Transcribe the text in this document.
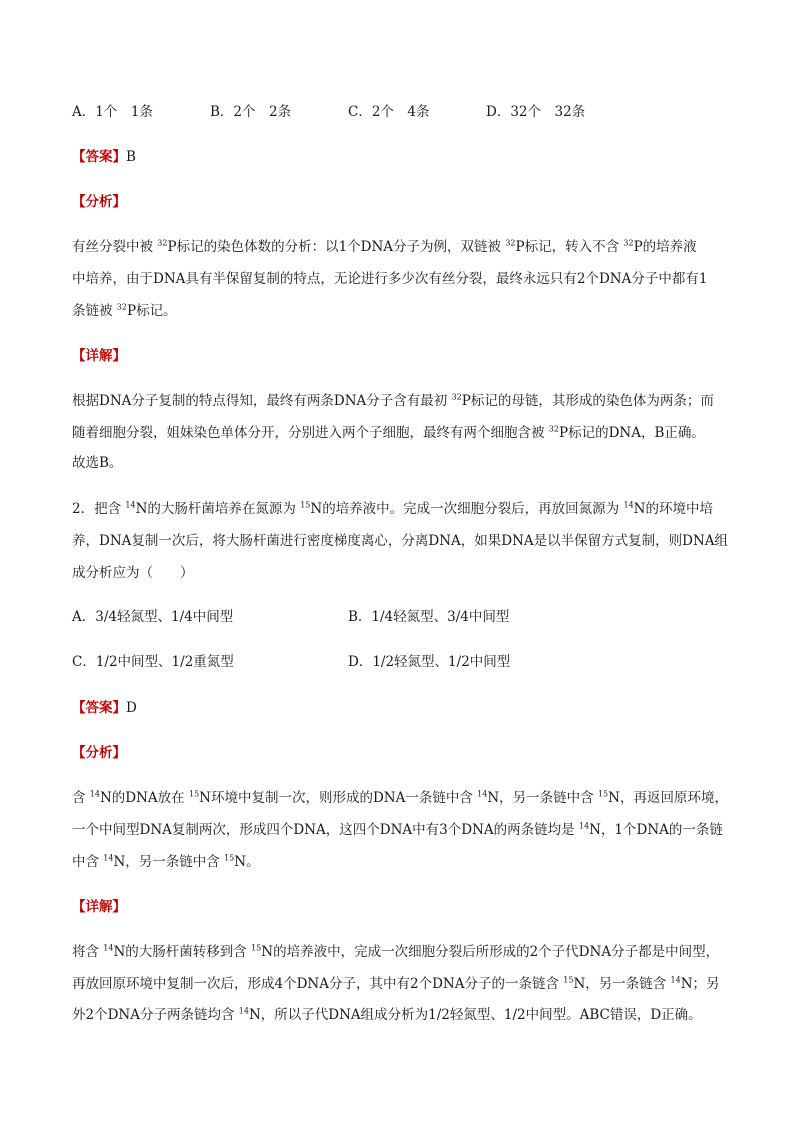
A．1个　1条	B．2个　2条	C．2个　4条	D．32个　32条
【答案】B
【分析】
有丝分裂中被 $^{32}$P标记的染色体数的分析：以1个DNA分子为例，双链被 $^{32}$P标记，转入不含 $^{32}$P的培养液
中培养，由于DNA具有半保留复制的特点，无论进行多少次有丝分裂，最终永远只有2个DNA分子中都有1
条链被 $^{32}$P标记。
【详解】
根据DNA分子复制的特点得知，最终有两条DNA分子含有最初 $^{32}$P标记的母链，其形成的染色体为两条；而
随着细胞分裂，姐妹染色单体分开，分别进入两个子细胞，最终有两个细胞含被 $^{32}$P标记的DNA，B正确。
故选B。
2．把含 $^{14}$N的大肠杆菌培养在氮源为 $^{15}$N的培养液中。完成一次细胞分裂后，再放回氮源为 $^{14}$N的环境中培
养，DNA复制一次后，将大肠杆菌进行密度梯度离心，分离DNA，如果DNA是以半保留方式复制，则DNA组
成分析应为（　　）
A．3/4轻氮型、1/4中间型	B．1/4轻氮型、3/4中间型
C．1/2中间型、1/2重氮型	D．1/2轻氮型、1/2中间型
【答案】D
【分析】
含 $^{14}$N的DNA放在 $^{15}$N环境中复制一次，则形成的DNA一条链中含 $^{14}$N，另一条链中含 $^{15}$N，再返回原环境，
一个中间型DNA复制两次，形成四个DNA，这四个DNA中有3个DNA的两条链均是 $^{14}$N，1个DNA的一条链
中含 $^{14}$N，另一条链中含 $^{15}$N。
【详解】
将含 $^{14}$N的大肠杆菌转移到含 $^{15}$N的培养液中，完成一次细胞分裂后所形成的2个子代DNA分子都是中间型，
再放回原环境中复制一次后，形成4个DNA分子，其中有2个DNA分子的一条链含 $^{15}$N，另一条链含 $^{14}$N；另
外2个DNA分子两条链均含 $^{14}$N，所以子代DNA组成分析为1/2轻氮型、1/2中间型。ABC错误，D正确。
